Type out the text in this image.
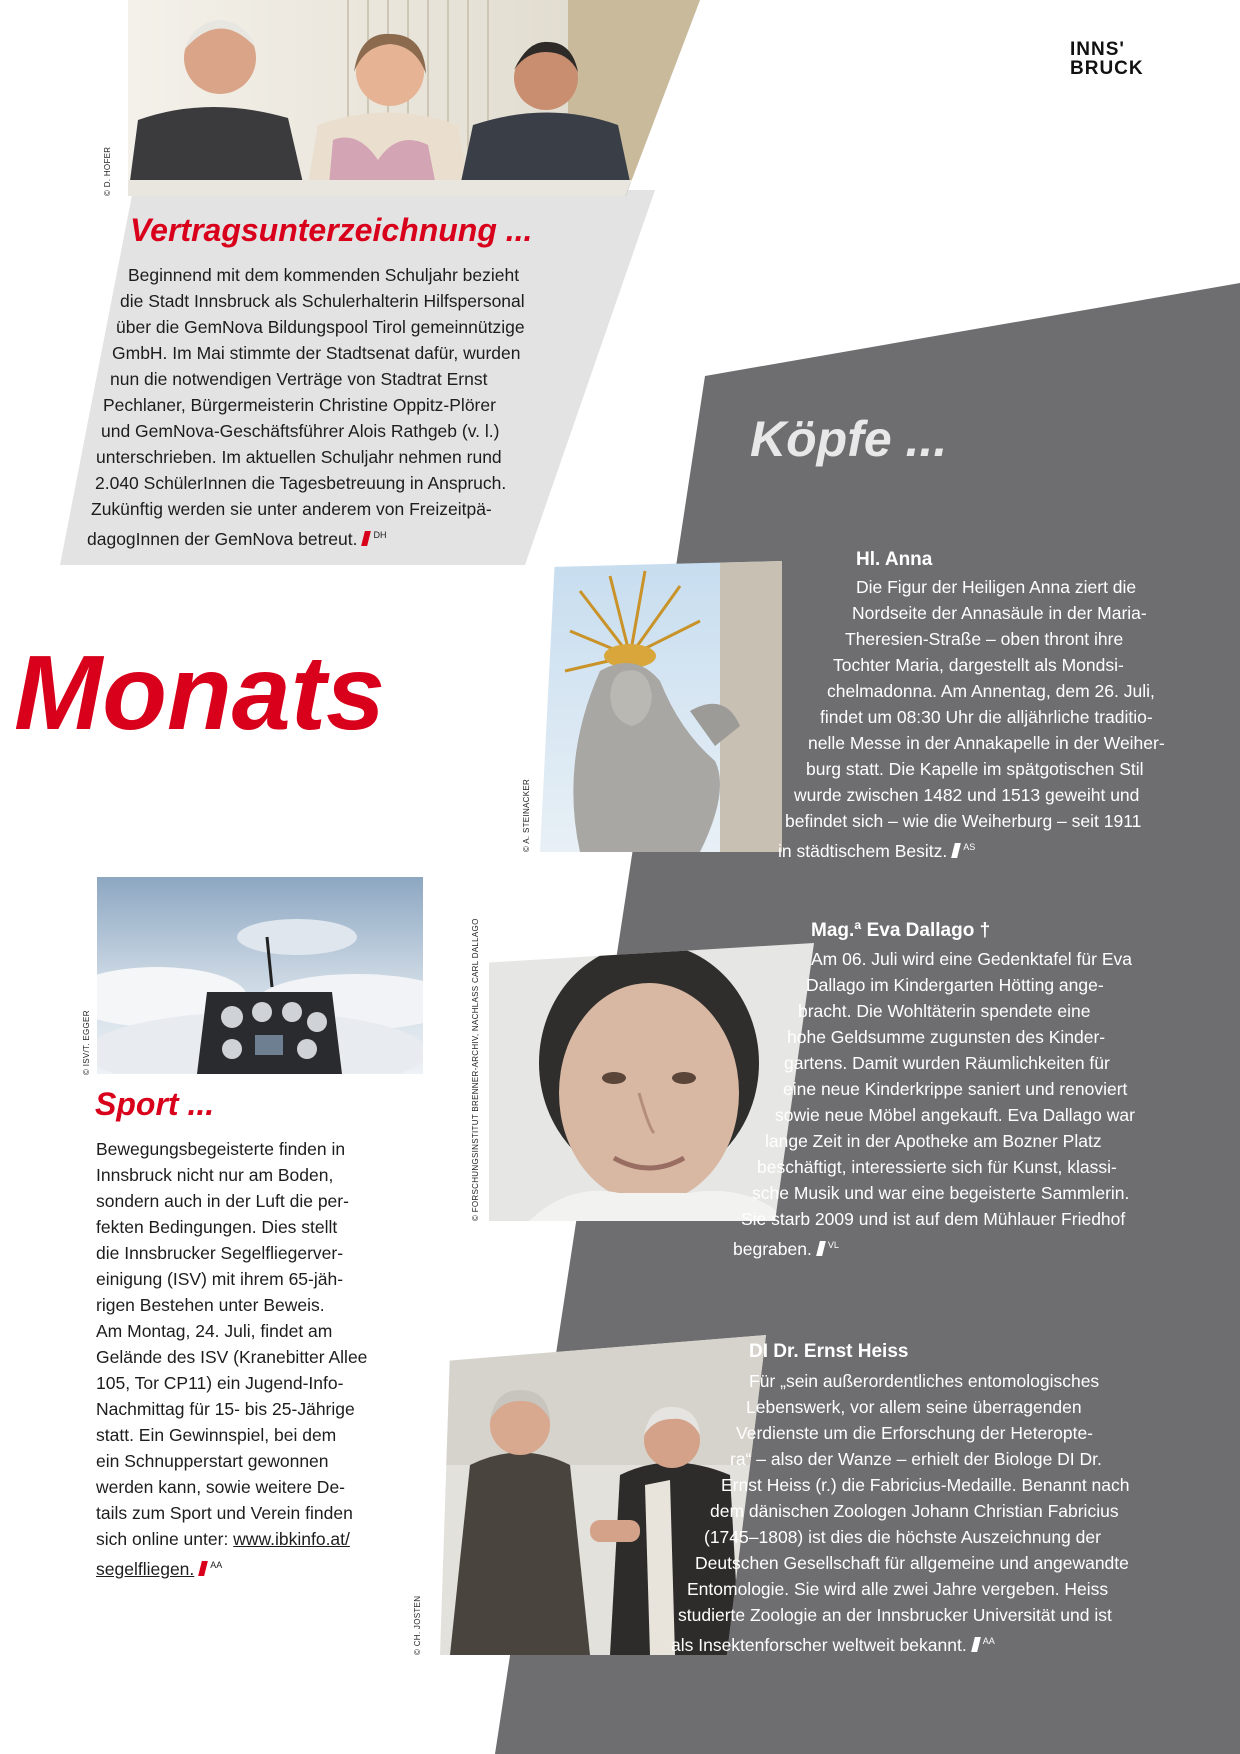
INNS'
BRUCK
© D. HOFER
Vertragsunterzeichnung ...
Beginnend mit dem kommenden Schuljahr bezieht
die Stadt Innsbruck als Schulerhalterin Hilfspersonal
über die GemNova Bildungspool Tirol gemeinnützige
GmbH. Im Mai stimmte der Stadtsenat dafür, wurden
nun die notwendigen Verträge von Stadtrat Ernst
Pechlaner, Bürgermeisterin Christine Oppitz-Plörer
und GemNova-Geschäftsführer Alois Rathgeb (v. l.)
unterschrieben. Im aktuellen Schuljahr nehmen rund
2.040 SchülerInnen die Tagesbetreuung in Anspruch.
Zukünftig werden sie unter anderem von Freizeitpä-
dagogInnen der GemNova betreut. $^{DH}$
Köpfe ...
Monats
© A. STEINACKER
Hl. Anna
Die Figur der Heiligen Anna ziert die
Nordseite der Annasäule in der Maria-
Theresien-Straße – oben thront ihre
Tochter Maria, dargestellt als Mondsi-
chelmadonna. Am Annentag, dem 26. Juli,
findet um 08:30 Uhr die alljährliche traditio-
nelle Messe in der Annakapelle in der Weiher-
burg statt. Die Kapelle im spätgotischen Stil
wurde zwischen 1482 und 1513 geweiht und
befindet sich – wie die Weiherburg – seit 1911
in städtischem Besitz. $^{AS}$
© ISV/T. EGGER
Sport ...
Bewegungsbegeisterte finden in
Innsbruck nicht nur am Boden,
sondern auch in der Luft die per-
fekten Bedingungen. Dies stellt
die Innsbrucker Segelfliegerver-
einigung (ISV) mit ihrem 65-jäh-
rigen Bestehen unter Beweis.
Am Montag, 24. Juli, findet am
Gelände des ISV (Kranebitter Allee
105, Tor CP11) ein Jugend-Info-
Nachmittag für 15- bis 25-Jährige
statt. Ein Gewinnspiel, bei dem
ein Schnupperstart gewonnen
werden kann, sowie weitere De-
tails zum Sport und Verein finden
sich online unter: www.ibkinfo.at/
segelfliegen. $^{AA}$
© FORSCHUNGSINSTITUT BRENNER-ARCHIV, NACHLASS CARL DALLAGO	Mag.ª Eva Dallago †
Am 06. Juli wird eine Gedenktafel für Eva
Dallago im Kindergarten Hötting ange-
bracht. Die Wohltäterin spendete eine
hohe Geldsumme zugunsten des Kinder-
gartens. Damit wurden Räumlichkeiten für
eine neue Kinderkrippe saniert und renoviert
sowie neue Möbel angekauft. Eva Dallago war
lange Zeit in der Apotheke am Bozner Platz
beschäftigt, interessierte sich für Kunst, klassi-
sche Musik und war eine begeisterte Sammlerin.
Sie starb 2009 und ist auf dem Mühlauer Friedhof
begraben. $^{VL}$
© CH. JOSTEN
DI Dr. Ernst Heiss
Für „sein außerordentliches entomologisches
Lebenswerk, vor allem seine überragenden
Verdienste um die Erforschung der Heteropte-
ra“ – also der Wanze – erhielt der Biologe DI Dr.
Ernst Heiss (r.) die Fabricius-Medaille. Benannt nach
dem dänischen Zoologen Johann Christian Fabricius
(1745–1808) ist dies die höchste Auszeichnung der
Deutschen Gesellschaft für allgemeine und angewandte
Entomologie. Sie wird alle zwei Jahre vergeben. Heiss
studierte Zoologie an der Innsbrucker Universität und ist
als Insektenforscher weltweit bekannt. $^{AA}$
